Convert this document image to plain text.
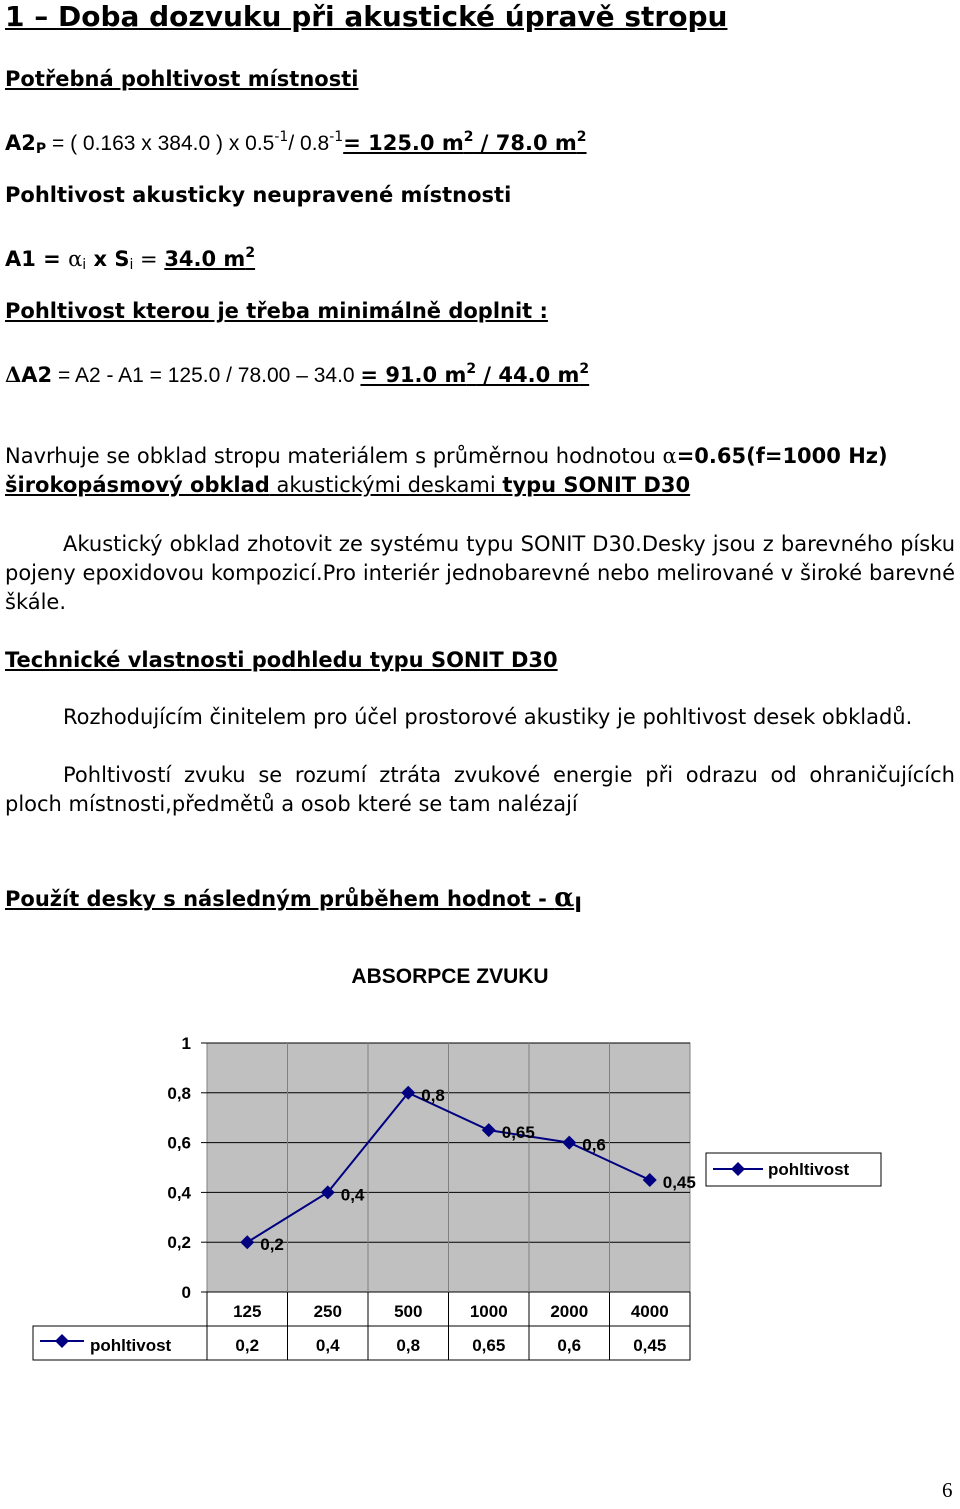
1 – Doba dozvuku při akustické úpravě stropu
Potřebná pohltivost místnosti
$A2_P$ = ( 0.163 x 384.0 ) x $0.5^{-1}/$ $0.8^{-1}= 125.0$ $m^2 / 78.0$ $m^2$
Pohltivost akusticky neupravené místnosti
$A1 = \alpha_i$ x $S_i = 34.0$ $m^2$
Pohltivost kterou je třeba minimálně doplnit :
ΔA2 = A2 - A1 = 125.0 / 78.00 – 34.0 = 91.0 $m^2 / 44.0$ $m^2$
Navrhuje se obklad stropu materiálem s průměrnou hodnotou α=0.65(f=1000 Hz)
širokopásmový obklad akustickými deskami typu SONIT D30
Akustický obklad zhotovit ze systému typu SONIT D30.Desky jsou z barevného písku pojeny epoxidovou kompozicí.Pro interiér jednobarevné nebo melirované v široké barevné škále.
Technické vlastnosti podhledu typu SONIT D30
Rozhodujícím činitelem pro účel prostorové akustiky je pohltivost desek obkladů.
Pohltivostí zvuku se rozumí ztráta zvukové energie při odrazu od ohraničujících ploch místnosti,předmětů a osob které se tam nalézají
Použít desky s následným průběhem hodnot - αI
ABSORPCE ZVUKU
0
0,2
0,4
0,6
0,8
1
0,2
0,4
0,8
0,65
0,6
0,45
pohltivost
125
0,2
250
0,4
500
0,8
1000
0,65
2000
0,6
4000
0,45
pohltivost
6
